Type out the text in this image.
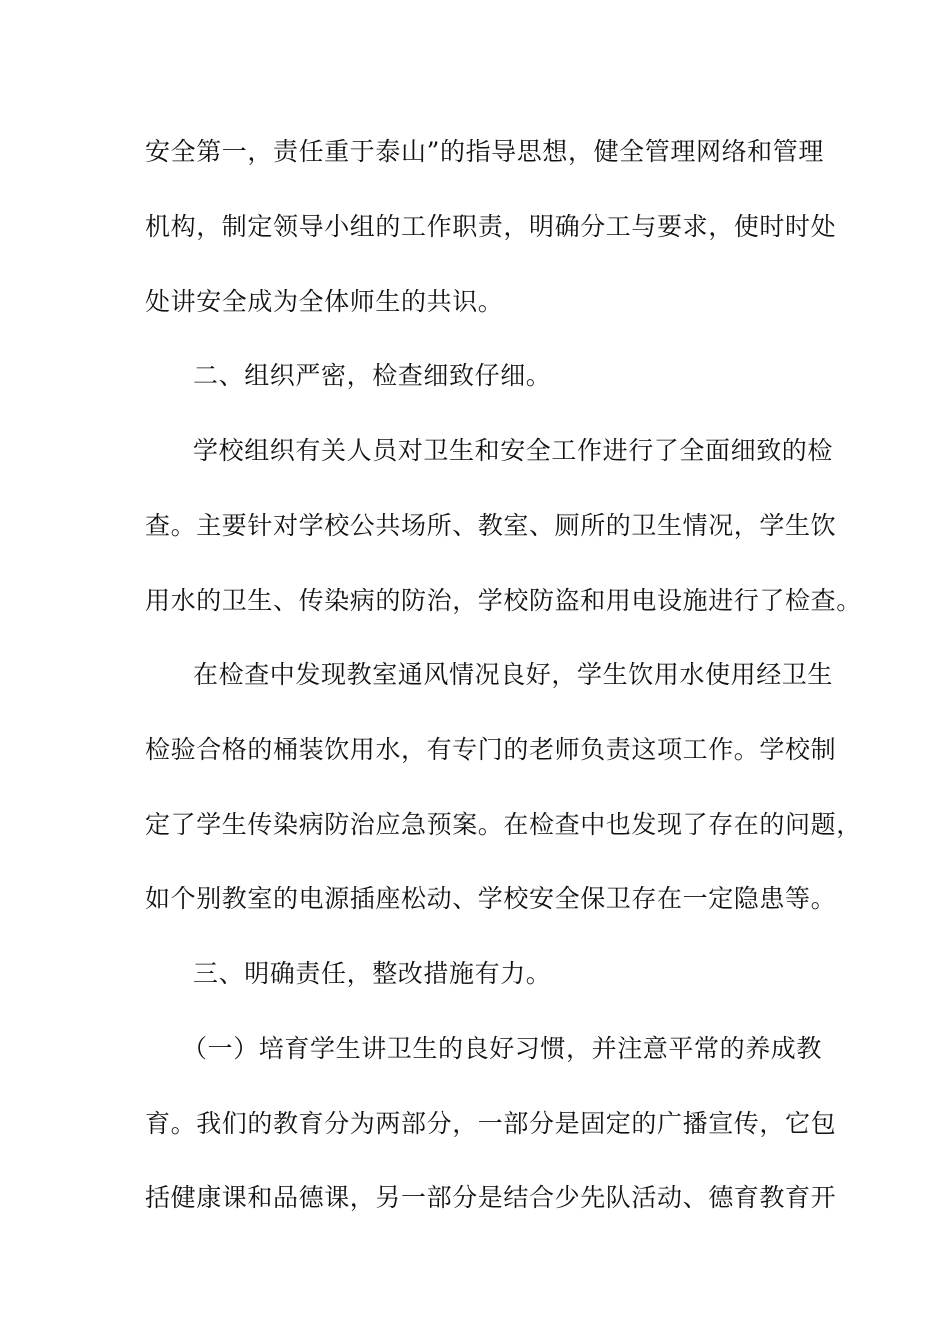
安全第一，责任重于泰山”的指导思想，健全管理网络和管理
机构，制定领导小组的工作职责，明确分工与要求，使时时处
处讲安全成为全体师生的共识。
二、组织严密，检查细致仔细。
学校组织有关人员对卫生和安全工作进行了全面细致的检
查。主要针对学校公共场所、教室、厕所的卫生情况，学生饮
用水的卫生、传染病的防治，学校防盗和用电设施进行了检查。
在检查中发现教室通风情况良好，学生饮用水使用经卫生
检验合格的桶装饮用水，有专门的老师负责这项工作。学校制
定了学生传染病防治应急预案。在检查中也发现了存在的问题，
如个别教室的电源插座松动、学校安全保卫存在一定隐患等。
三、明确责任，整改措施有力。
（一）培育学生讲卫生的良好习惯，并注意平常的养成教
育。我们的教育分为两部分，一部分是固定的广播宣传，它包
括健康课和品德课，另一部分是结合少先队活动、德育教育开
